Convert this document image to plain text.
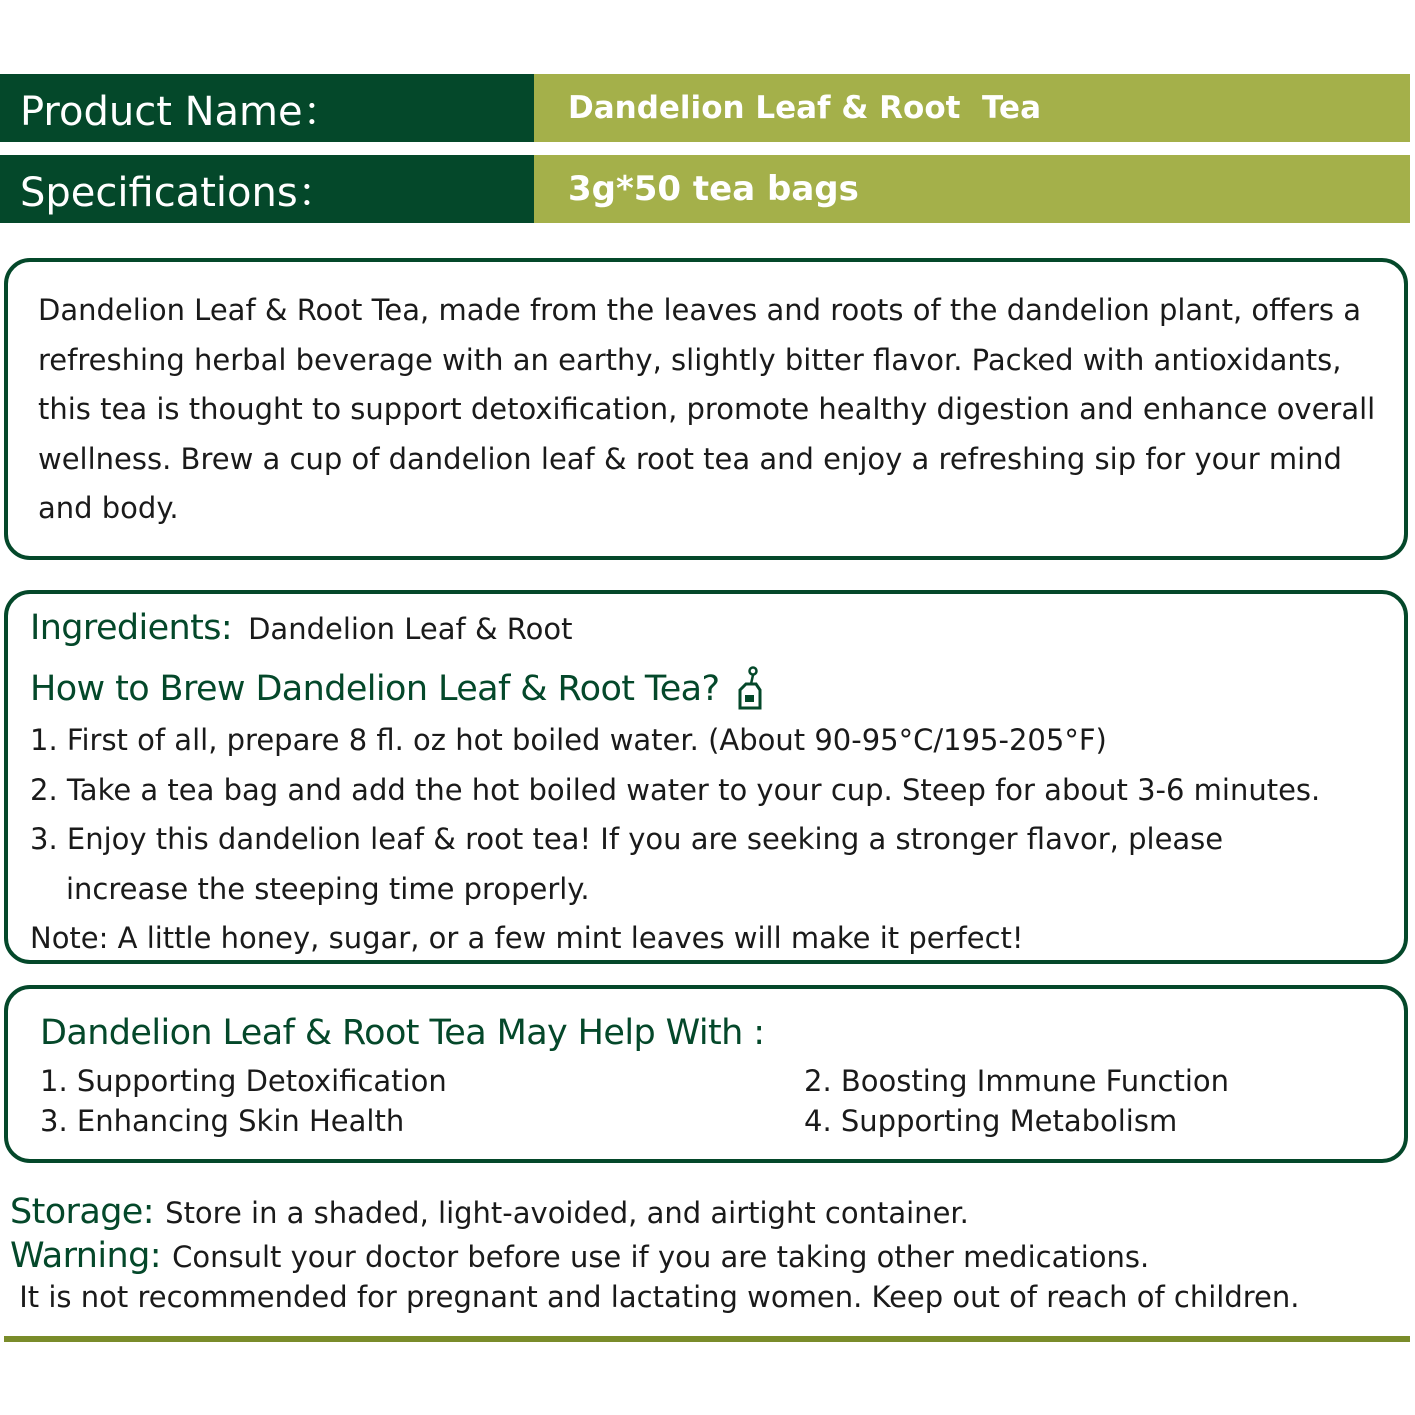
Product Name：	Dandelion Leaf & Root  Tea
Specifications：	3g*50 tea bags
Dandelion Leaf & Root Tea, made from the leaves and roots of the dandelion plant, offers a refreshing herbal beverage with an earthy, slightly bitter flavor. Packed with antioxidants, this tea is thought to support detoxification, promote healthy digestion and enhance overall wellness. Brew a cup of dandelion leaf & root tea and enjoy a refreshing sip for your mind and body.
Ingredients: Dandelion Leaf & Root
How to Brew Dandelion Leaf & Root Tea?
1. First of all, prepare 8 fl. oz hot boiled water. (About 90-95°C/195-205°F)
2. Take a tea bag and add the hot boiled water to your cup. Steep for about 3-6 minutes.
3. Enjoy this dandelion leaf & root tea! If you are seeking a stronger flavor, please
increase the steeping time properly.
Note: A little honey, sugar, or a few mint leaves will make it perfect!
Dandelion Leaf & Root Tea May Help With :
1. Supporting Detoxification	2. Boosting Immune Function
3. Enhancing Skin Health	4. Supporting Metabolism
Storage: Store in a shaded, light-avoided, and airtight container.
Warning: Consult your doctor before use if you are taking other medications.
It is not recommended for pregnant and lactating women. Keep out of reach of children.
